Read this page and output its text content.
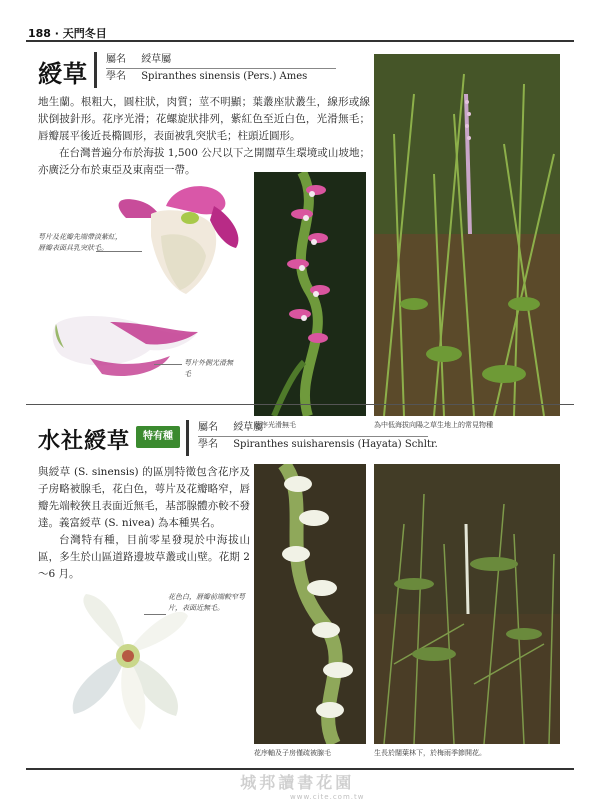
188 · 天門冬目
綬草
屬名 綬草屬
學名 Spiranthes sinensis (Pers.) Ames

地生蘭。根粗大，圓柱狀，肉質；莖不明顯；葉叢座狀叢生，線形或線狀倒披針形。花序光滑；花螺旋狀排列，紫紅色至近白色，光滑無毛；唇瓣展平後近長橢圓形，表面被乳突狀毛；柱頭近圓形。

在台灣普遍分布於海拔 1,500 公尺以下之開闊草生環境或山坡地；亦廣泛分布於東亞及東南亞一帶。

萼片及花瓣先端帶淡紫紅，唇瓣表面具乳突狀毛。
萼片外側光滑無毛
花序光滑無毛	為中低海拔向陽之草生地上的常見物種
水社綬草	特有種
屬名 綬草屬
學名 Spiranthes suisharensis (Hayata) Schltr.

與綬草 (S. sinensis) 的區別特徵包含花序及子房略被腺毛，花白色，萼片及花瓣略窄，唇瓣先端較狹且表面近無毛，基部腺體亦較不發達。義富綬草 (S. nivea) 為本種異名。

台灣特有種，目前零星發現於中海拔山區，多生於山區道路邊坡草叢或山壁。花期 2～6 月。

花色白，唇瓣前端較窄萼片，表面近無毛。
花序軸及子房僅疏被腺毛	生長於闊葉林下，於梅雨季節開花。
城邦讀書花園
www.cite.com.tw
